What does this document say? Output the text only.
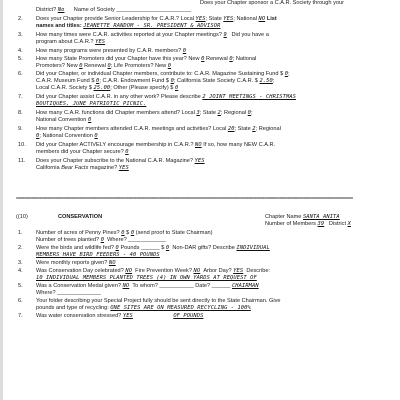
Does your Chapter sponsor a C.A.R. Society through your
District? No Name of Society ________________________
2. Does your Chapter provide Senior Leadership for C.A.R.? Local YES; State YES; National NO List
names and titles: JEANETTE RANDOM - SR. PRESIDENT & ADVISOR
3. How many times were C.A.R. activities reported at your Chapter meetings? 9 Did you have a
program about C.A.R.? YES
4. How many programs were presented by C.A.R. members? 0
5. How many State Promoters did your Chapter have this year? New 0 Renewal 0; National
Promoters? New 0 Renewal 0; Life Promoters? New 0
6. Did your Chapter, or individual Chapter members, contribute to: C.A.R. Magazine Sustaining Fund $ 0;
C.A.R. Museum Fund $ 0; C.A.R. Endowment Fund $ 0; California State Society C.A.R. $ 2.50;
Local C.A.R. Society $ 25.00; Other (Please specify) $ 0
7. Did your Chapter assist C.A.R. in any other work? Please describe 2 JOINT MEETINGS - CHRISTMAS
BOUTIQUES, JUNE PATRIOTIC PICNIC.
8. How many C.A.R. functions did Chapter members attend? Local 3; State 2; Regional 0;
National Convention 0
9. How many Chapter members attended C.A.R. meetings and activities? Local 20; State 2; Regional
0; National Convention 0
10. Did your Chapter ACTIVELY encourage membership in C.A.R.? NO If so, how many NEW C.A.R.
members did your Chapter secure? 0
11. Does your Chapter subscribe to the National C.A.R. Magazine? YES
California Bear Facts magazine? YES
=================================================================================================================================
((10)	CONSERVATION	Chapter Name SANTA ANITA
Number of Members 39 District X
1. Number of acres of Penny Pines? 0 $ 0 (send proof to State Chairman)
Number of trees planted? 0 Where? ____________
2. Were the birds and wildlife fed? 0 Pounds ______ $ 0 Non-DAR gifts? Describe INDIVIDUAL
MEMBERS HAVE BIRD FEEDERS - 40 POUNDS
3. Were monthly reports given? NO
4. Was Conservation Day celebrated? NO Fire Prevention Week? NO Arbor Day? YES Describe:
10 INDIVIDUAL MEMBERS PLANTED TREES (4) IN OWN YARDS AT REQUEST OF
5. Was a Conservation Medal given? NO To whom? ___________ Date? ______ CHAIRMAN
Where? ______________
6. Your folder describing your Special Project fully should be sent directly to the State Chairman. Give
pounds and type of recycling: ONE SITES ARE ON MEASURED RECYCLING - 100%
7. Was water conservation stressed? YES	OF POUNDS
